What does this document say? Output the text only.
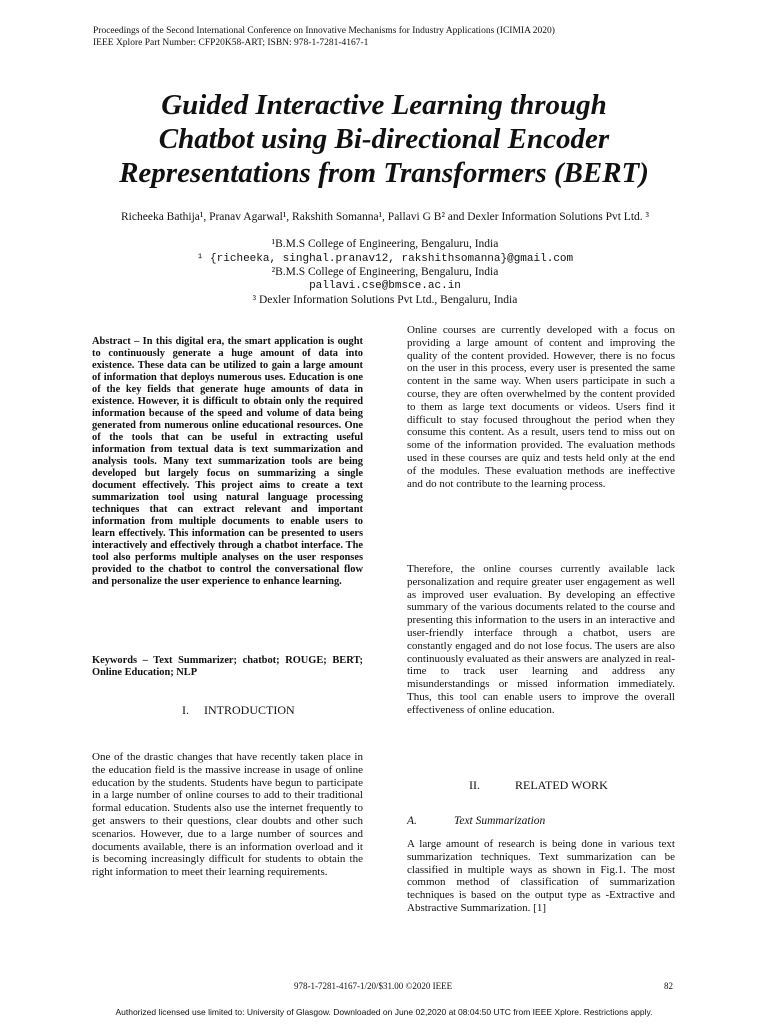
Proceedings of the Second International Conference on Innovative Mechanisms for Industry Applications (ICIMIA 2020)
IEEE Xplore Part Number: CFP20K58-ART; ISBN: 978-1-7281-4167-1
Guided Interactive Learning through
Chatbot using Bi-directional Encoder
Representations from Transformers (BERT)
Richeeka Bathija¹, Pranav Agarwal¹, Rakshith Somanna¹, Pallavi G B² and Dexler Information Solutions Pvt Ltd. ³
¹B.M.S College of Engineering, Bengaluru, India
¹ {richeeka, singhal.pranav12, rakshithsomanna}@gmail.com
²B.M.S College of Engineering, Bengaluru, India
pallavi.cse@bmsce.ac.in
³ Dexler Information Solutions Pvt Ltd., Bengaluru, India
Abstract – In this digital era, the smart application is ought to continuously generate a huge amount of data into existence. These data can be utilized to gain a large amount of information that deploys numerous uses. Education is one of the key fields that generate huge amounts of data in existence. However, it is difficult to obtain only the required information because of the speed and volume of data being generated from numerous online educational resources. One of the tools that can be useful in extracting useful information from textual data is text summarization and analysis tools. Many text summarization tools are being developed but largely focus on summarizing a single document effectively. This project aims to create a text summarization tool using natural language processing techniques that can extract relevant and important information from multiple documents to enable users to learn effectively. This information can be presented to users interactively and effectively through a chatbot interface. The tool also performs multiple analyses on the user responses provided to the chatbot to control the conversational flow and personalize the user experience to enhance learning.
Keywords – Text Summarizer; chatbot; ROUGE; BERT; Online Education; NLP
I. INTRODUCTION
One of the drastic changes that have recently taken place in the education field is the massive increase in usage of online education by the students. Students have begun to participate in a large number of online courses to add to their traditional formal education. Students also use the internet frequently to get answers to their questions, clear doubts and other such scenarios. However, due to a large number of sources and documents available, there is an information overload and it is becoming increasingly difficult for students to obtain the right information to meet their learning requirements.
Online courses are currently developed with a focus on providing a large amount of content and improving the quality of the content provided. However, there is no focus on the user in this process, every user is presented the same content in the same way. When users participate in such a course, they are often overwhelmed by the content provided to them as large text documents or videos. Users find it difficult to stay focused throughout the period when they consume this content. As a result, users tend to miss out on some of the information provided. The evaluation methods used in these courses are quiz and tests held only at the end of the modules. These evaluation methods are ineffective and do not contribute to the learning process.
Therefore, the online courses currently available lack personalization and require greater user engagement as well as improved user evaluation. By developing an effective summary of the various documents related to the course and presenting this information to the users in an interactive and user-friendly interface through a chatbot, users are constantly engaged and do not lose focus. The users are also continuously evaluated as their answers are analyzed in real-time to track user learning and address any misunderstandings or missed information immediately. Thus, this tool can enable users to improve the overall effectiveness of online education.
II.	RELATED WORK
A.	Text Summarization
A large amount of research is being done in various text summarization techniques. Text summarization can be classified in multiple ways as shown in Fig.1. The most common method of classification of summarization techniques is based on the output type as -Extractive and Abstractive Summarization. [1]
978-1-7281-4167-1/20/$31.00 ©2020 IEEE	82
Authorized licensed use limited to: University of Glasgow. Downloaded on June 02,2020 at 08:04:50 UTC from IEEE Xplore. Restrictions apply.
